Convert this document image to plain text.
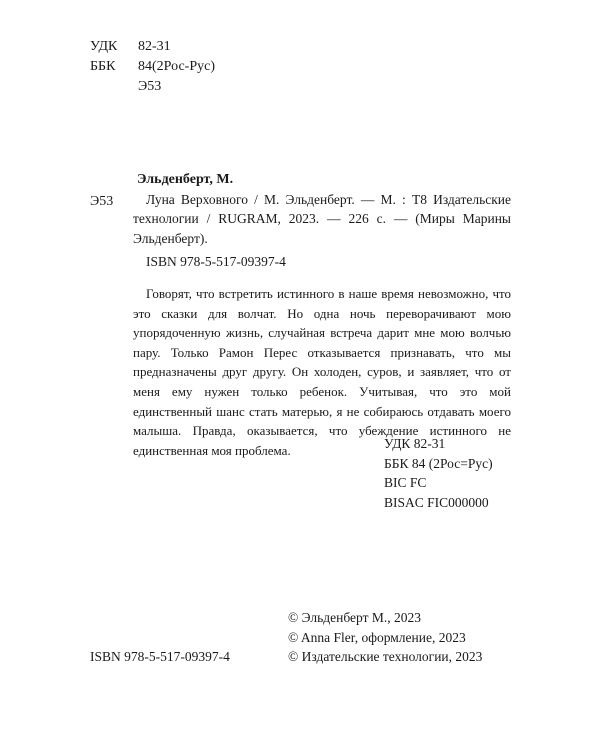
УДК 82-31
ББК 84(2Рос-Рус)
Э53
Э53
Эльденберт, М.
Луна Верховного / М. Эльденберт. — М. : Т8 Издательские технологии / RUGRAM, 2023. — 226 с. — (Миры Марины Эльденберт).
ISBN 978-5-517-09397-4
Говорят, что встретить истинного в наше время невозможно, что это сказки для волчат. Но одна ночь переворачивают мою упорядоченную жизнь, случайная встреча дарит мне мою волчью пару. Только Рамон Перес отказывается признавать, что мы предназначены друг другу. Он холоден, суров, и заявляет, что от меня ему нужен только ребенок. Учитывая, что это мой единственный шанс стать матерью, я не собираюсь отдавать моего малыша. Правда, оказывается, что убеждение истинного не единственная моя проблема.	УДК 82-31
ББК 84 (2Рос=Рус)
BIC FC
BISAC FIC000000
ISBN 978-5-517-09397-4
© Эльденберт М., 2023
© Anna Fler, оформление, 2023
© Издательские технологии, 2023
